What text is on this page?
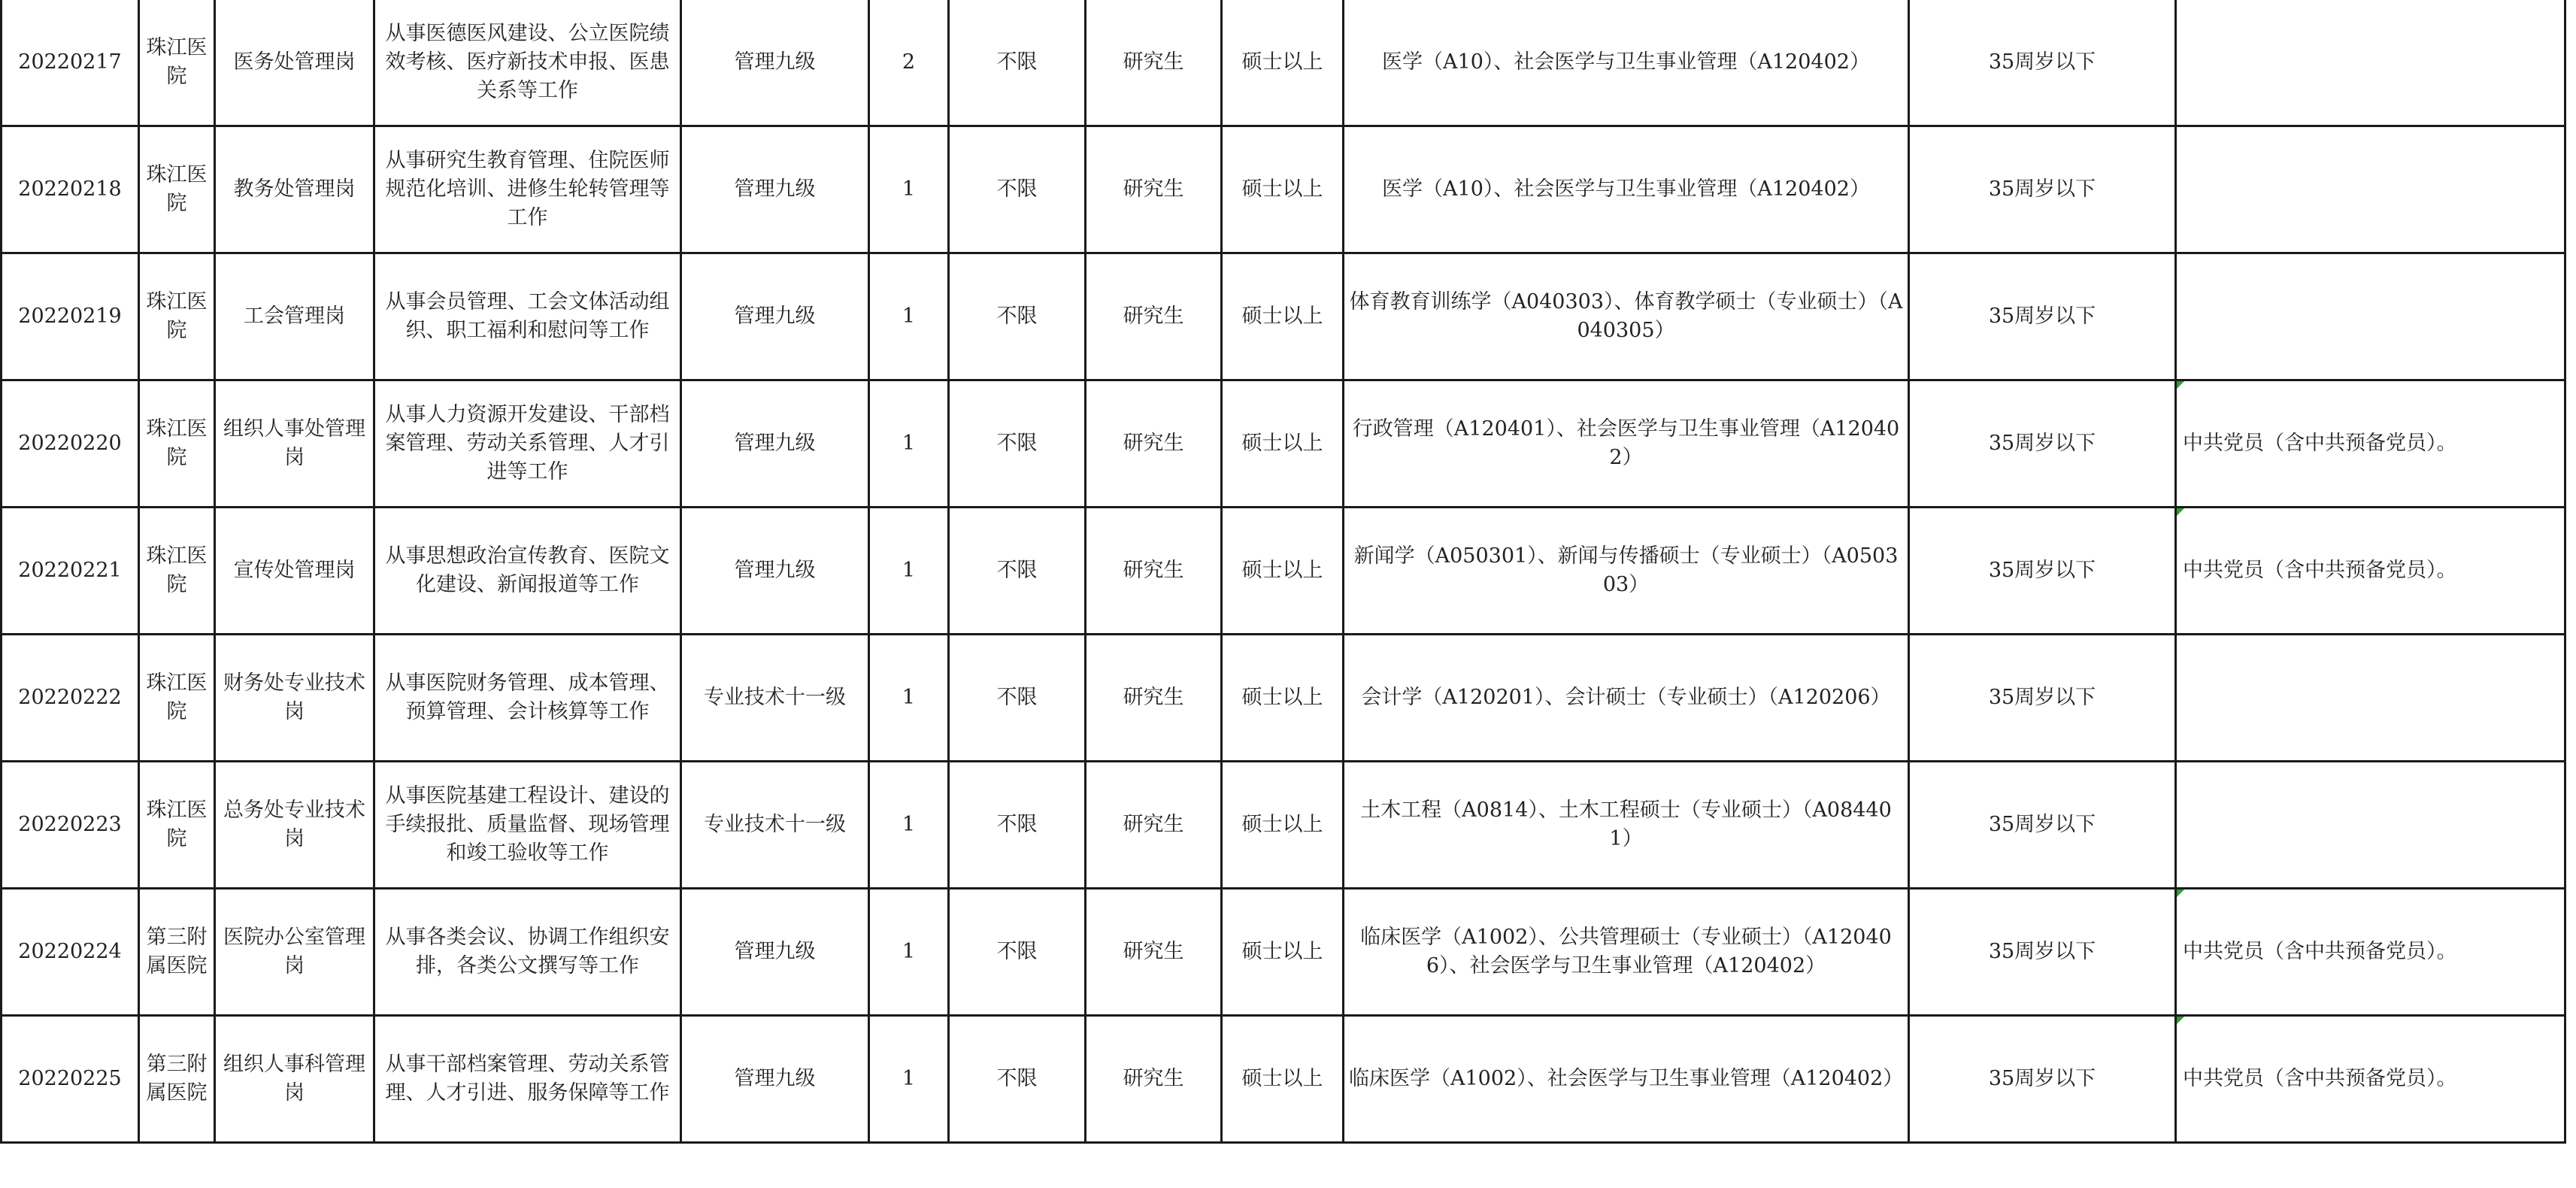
20220217	珠江医院	医务处管理岗	从事医德医风建设、公立医院绩效考核、医疗新技术申报、医患关系等工作	管理九级	2	不限	研究生	硕士以上	医学（A10）、社会医学与卫生事业管理（A120402）	35周岁以下	
20220218	珠江医院	教务处管理岗	从事研究生教育管理、住院医师规范化培训、进修生轮转管理等工作	管理九级	1	不限	研究生	硕士以上	医学（A10）、社会医学与卫生事业管理（A120402）	35周岁以下	
20220219	珠江医院	工会管理岗	从事会员管理、工会文体活动组织、职工福利和慰问等工作	管理九级	1	不限	研究生	硕士以上	体育教育训练学（A040303）、体育教学硕士（专业硕士）（A040305）	35周岁以下	
20220220	珠江医院	组织人事处管理岗	从事人力资源开发建设、干部档案管理、劳动关系管理、人才引进等工作	管理九级	1	不限	研究生	硕士以上	行政管理（A120401）、社会医学与卫生事业管理（A120402）	35周岁以下	中共党员（含中共预备党员）。
20220221	珠江医院	宣传处管理岗	从事思想政治宣传教育、医院文化建设、新闻报道等工作	管理九级	1	不限	研究生	硕士以上	新闻学（A050301）、新闻与传播硕士（专业硕士）（A050303）	35周岁以下	中共党员（含中共预备党员）。
20220222	珠江医院	财务处专业技术岗	从事医院财务管理、成本管理、预算管理、会计核算等工作	专业技术十一级	1	不限	研究生	硕士以上	会计学（A120201）、会计硕士（专业硕士）（A120206）	35周岁以下	
20220223	珠江医院	总务处专业技术岗	从事医院基建工程设计、建设的手续报批、质量监督、现场管理和竣工验收等工作	专业技术十一级	1	不限	研究生	硕士以上	土木工程（A0814）、土木工程硕士（专业硕士）（A084401）	35周岁以下	
20220224	第三附属医院	医院办公室管理岗	从事各类会议、协调工作组织安排，各类公文撰写等工作	管理九级	1	不限	研究生	硕士以上	临床医学（A1002）、公共管理硕士（专业硕士）（A120406）、社会医学与卫生事业管理（A120402）	35周岁以下	中共党员（含中共预备党员）。
20220225	第三附属医院	组织人事科管理岗	从事干部档案管理、劳动关系管理、人才引进、服务保障等工作	管理九级	1	不限	研究生	硕士以上	临床医学（A1002）、社会医学与卫生事业管理（A120402）	35周岁以下	中共党员（含中共预备党员）。
